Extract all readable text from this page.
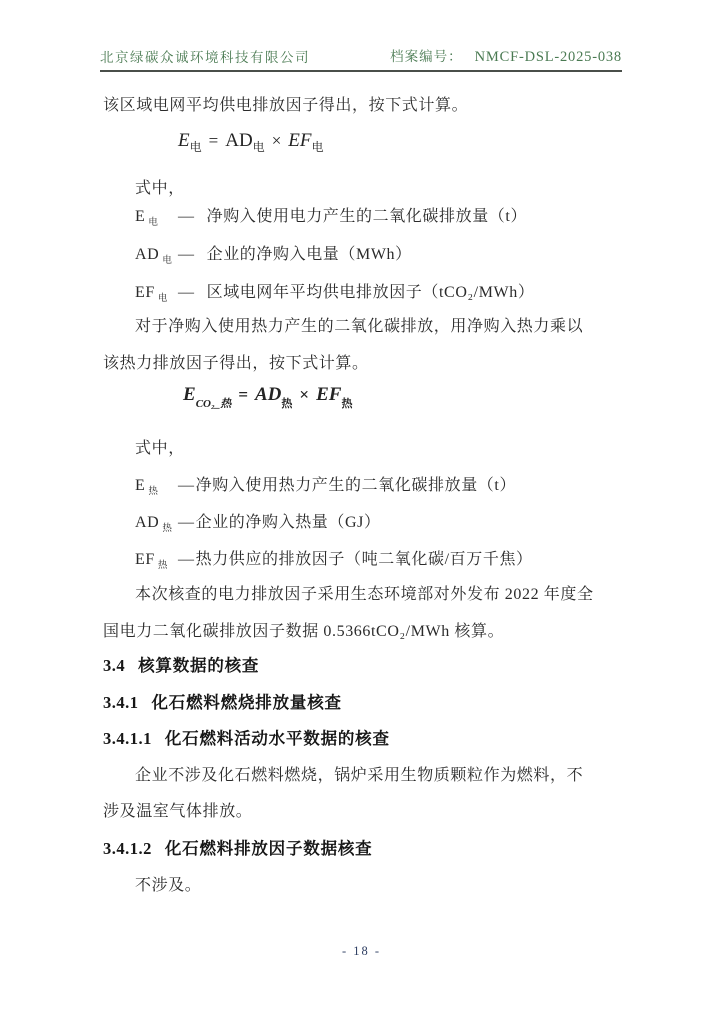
北京绿碳众诚环境科技有限公司	档案编号： NMCF-DSL-2025-038
该区域电网平均供电排放因子得出，按下式计算。
$E_电 = AD_电 \times EF_电$
式中，
E $_电$	— 净购入使用电力产生的二氧化碳排放量（t）
AD $_电$ — 企业的净购入电量（MWh）
EF $_电$ — 区域电网年平均供电排放因子（tCO₂/MWh）
对于净购入使用热力产生的二氧化碳排放，用净购入热力乘以
该热力排放因子得出，按下式计算。
$E_{CO_2\_热} = AD_热 \times EF_热$
式中，
E $_热$	— 净购入使用热力产生的二氧化碳排放量（t）
AD $_热$ — 企业的净购入热量（GJ）
EF $_热$ — 热力供应的排放因子（吨二氧化碳/百万千焦）
本次核查的电力排放因子采用生态环境部对外发布 2022 年度全
国电力二氧化碳排放因子数据 0.5366tCO₂/MWh 核算。
3.4 核算数据的核查
3.4.1 化石燃料燃烧排放量核查
3.4.1.1 化石燃料活动水平数据的核查
企业不涉及化石燃料燃烧，锅炉采用生物质颗粒作为燃料，不
涉及温室气体排放。
3.4.1.2 化石燃料排放因子数据核查
不涉及。
- 18 -
